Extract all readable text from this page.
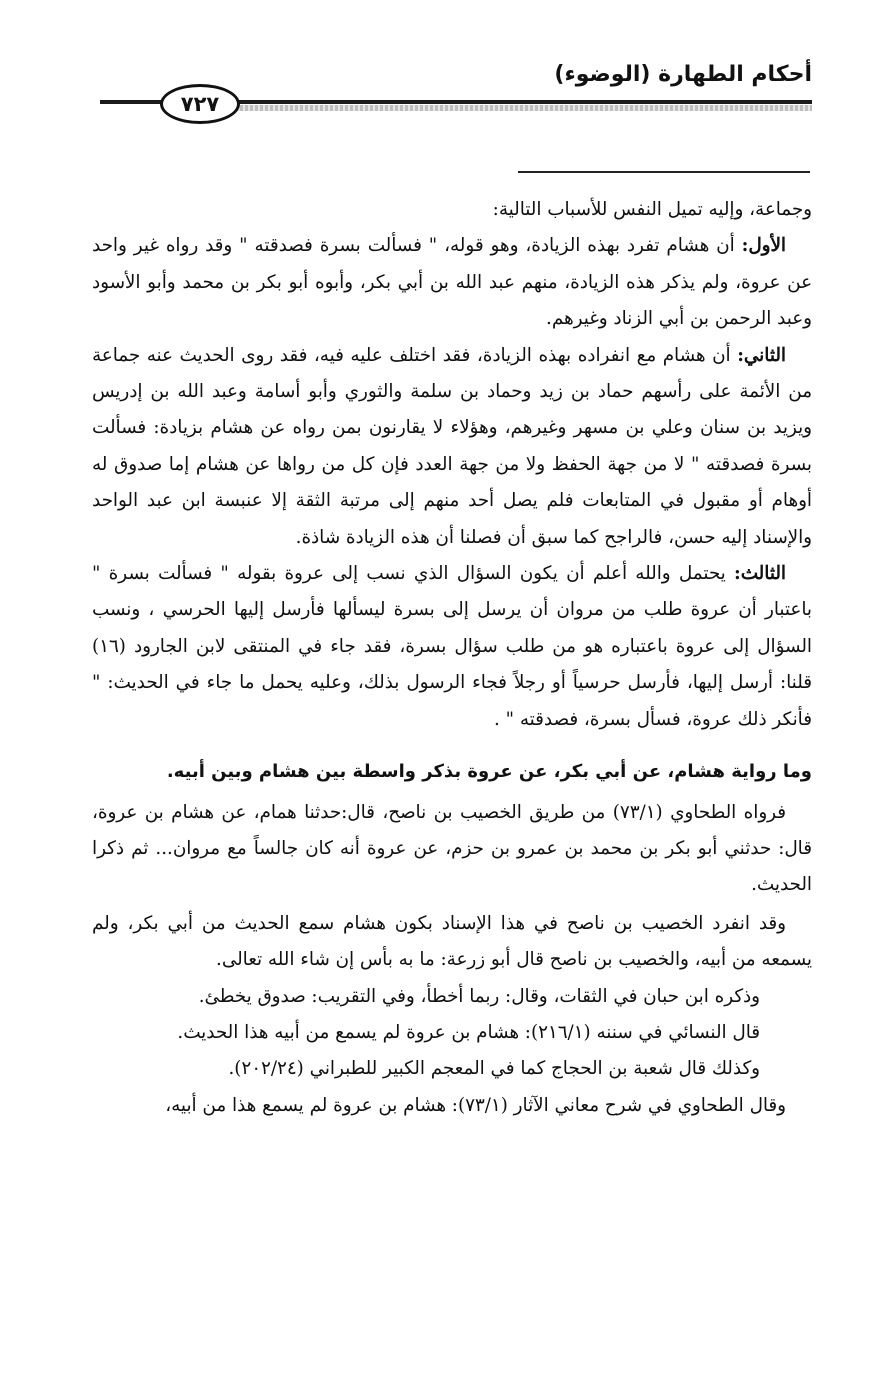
أحكام الطهارة (الوضوء)
٧٢٧

وجماعة، وإليه تميل النفس للأسباب التالية:

الأول: أن هشام تفرد بهذه الزيادة، وهو قوله، " فسألت بسرة فصدقته " وقد رواه غير واحد عن عروة، ولم يذكر هذه الزيادة، منهم عبد الله بن أبي بكر، وأبوه أبو بكر بن محمد وأبو الأسود وعبد الرحمن بن أبي الزناد وغيرهم.

الثاني: أن هشام مع انفراده بهذه الزيادة، فقد اختلف عليه فيه، فقد روى الحديث عنه جماعة من الأئمة على رأسهم حماد بن زيد وحماد بن سلمة والثوري وأبو أسامة وعبد الله بن إدريس ويزيد بن سنان وعلي بن مسهر وغيرهم، وهؤلاء لا يقارنون بمن رواه عن هشام بزيادة: فسألت بسرة فصدقته " لا من جهة الحفظ ولا من جهة العدد فإن كل من رواها عن هشام إما صدوق له أوهام أو مقبول في المتابعات فلم يصل أحد منهم إلى مرتبة الثقة إلا عنبسة ابن عبد الواحد والإسناد إليه حسن، فالراجح كما سبق أن فصلنا أن هذه الزيادة شاذة.

الثالث: يحتمل والله أعلم أن يكون السؤال الذي نسب إلى عروة بقوله " فسألت بسرة " باعتبار أن عروة طلب من مروان أن يرسل إلى بسرة ليسألها فأرسل إليها الحرسي ، ونسب السؤال إلى عروة باعتباره هو من طلب سؤال بسرة، فقد جاء في المنتقى لابن الجارود (١٦) قلنا: أرسل إليها، فأرسل حرسياً أو رجلاً فجاء الرسول بذلك، وعليه يحمل ما جاء في الحديث: " فأنكر ذلك عروة، فسأل بسرة، فصدقته " .

وما رواية هشام، عن أبي بكر، عن عروة بذكر واسطة بين هشام وبين أبيه.

فرواه الطحاوي (٧٣/١) من طريق الخصيب بن ناصح، قال:حدثنا همام، عن هشام بن عروة، قال: حدثني أبو بكر بن محمد بن عمرو بن حزم، عن عروة أنه كان جالساً مع مروان... ثم ذكرا الحديث.

وقد انفرد الخصيب بن ناصح في هذا الإسناد بكون هشام سمع الحديث من أبي بكر، ولم يسمعه من أبيه، والخصيب بن ناصح قال أبو زرعة: ما به بأس إن شاء الله تعالى.

وذكره ابن حبان في الثقات، وقال: ربما أخطأ، وفي التقريب: صدوق يخطئ.

قال النسائي في سننه (٢١٦/١): هشام بن عروة لم يسمع من أبيه هذا الحديث.

وكذلك قال شعبة بن الحجاج كما في المعجم الكبير للطبراني (٢٠٢/٢٤).

وقال الطحاوي في شرح معاني الآثار (٧٣/١): هشام بن عروة لم يسمع هذا من أبيه،
